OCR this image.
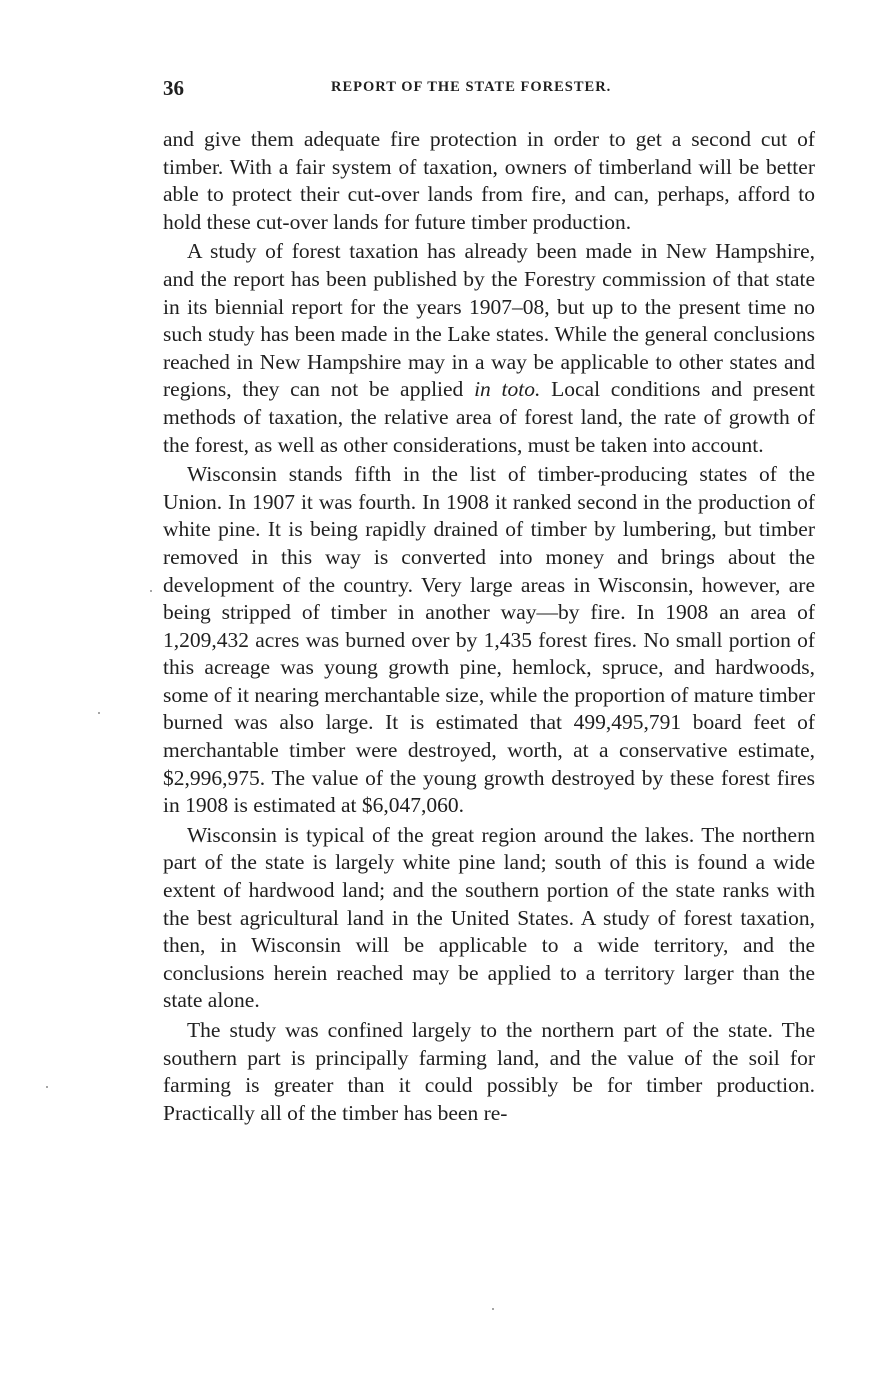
36	REPORT OF THE STATE FORESTER.

and give them adequate fire protection in order to get a second cut of timber. With a fair system of taxation, owners of timberland will be better able to protect their cut-over lands from fire, and can, perhaps, afford to hold these cut-over lands for future timber production.

A study of forest taxation has already been made in New Hampshire, and the report has been published by the Forestry commission of that state in its biennial report for the years 1907–08, but up to the present time no such study has been made in the Lake states. While the general conclusions reached in New Hampshire may in a way be applicable to other states and regions, they can not be applied in toto. Local conditions and present methods of taxation, the relative area of forest land, the rate of growth of the forest, as well as other considerations, must be taken into account.

Wisconsin stands fifth in the list of timber-producing states of the Union. In 1907 it was fourth. In 1908 it ranked second in the production of white pine. It is being rapidly drained of timber by lumbering, but timber removed in this way is converted into money and brings about the development of the country. Very large areas in Wisconsin, however, are being stripped of timber in another way—by fire. In 1908 an area of 1,209,432 acres was burned over by 1,435 forest fires. No small portion of this acreage was young growth pine, hemlock, spruce, and hardwoods, some of it nearing merchantable size, while the proportion of mature timber burned was also large. It is estimated that 499,495,791 board feet of merchantable timber were destroyed, worth, at a conservative estimate, $2,996,975. The value of the young growth destroyed by these forest fires in 1908 is estimated at $6,047,060.

Wisconsin is typical of the great region around the lakes. The northern part of the state is largely white pine land; south of this is found a wide extent of hardwood land; and the southern portion of the state ranks with the best agricultural land in the United States. A study of forest taxation, then, in Wisconsin will be applicable to a wide territory, and the conclusions herein reached may be applied to a territory larger than the state alone.

The study was confined largely to the northern part of the state. The southern part is principally farming land, and the value of the soil for farming is greater than it could possibly be for timber production. Practically all of the timber has been re-
